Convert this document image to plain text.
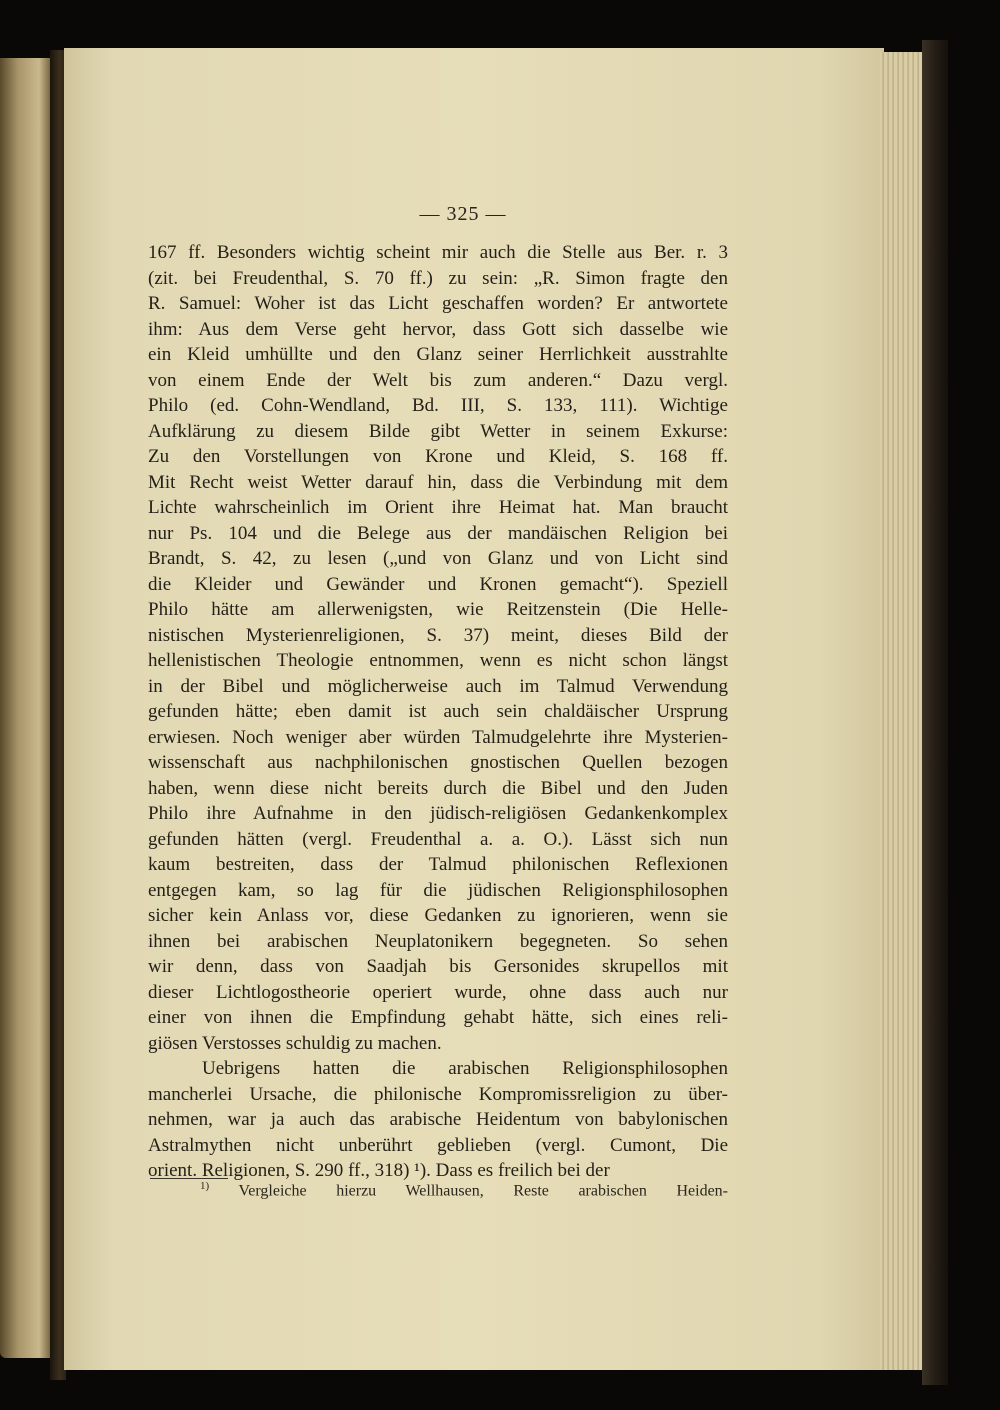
— 325 —
167 ff. Besonders wichtig scheint mir auch die Stelle aus Ber. r. 3
(zit. bei Freudenthal, S. 70 ff.) zu sein: „R. Simon fragte den
R. Samuel: Woher ist das Licht geschaffen worden? Er antwortete
ihm: Aus dem Verse geht hervor, dass Gott sich dasselbe wie
ein Kleid umhüllte und den Glanz seiner Herrlichkeit ausstrahlte
von einem Ende der Welt bis zum anderen.“ Dazu vergl.
Philo (ed. Cohn-Wendland, Bd. III, S. 133, 111). Wichtige
Aufklärung zu diesem Bilde gibt Wetter in seinem Exkurse:
Zu den Vorstellungen von Krone und Kleid, S. 168 ff.
Mit Recht weist Wetter darauf hin, dass die Verbindung mit dem
Lichte wahrscheinlich im Orient ihre Heimat hat. Man braucht
nur Ps. 104 und die Belege aus der mandäischen Religion bei
Brandt, S. 42, zu lesen („und von Glanz und von Licht sind
die Kleider und Gewänder und Kronen gemacht“). Speziell
Philo hätte am allerwenigsten, wie Reitzenstein (Die Helle-
nistischen Mysterienreligionen, S. 37) meint, dieses Bild der
hellenistischen Theologie entnommen, wenn es nicht schon längst
in der Bibel und möglicherweise auch im Talmud Verwendung
gefunden hätte; eben damit ist auch sein chaldäischer Ursprung
erwiesen. Noch weniger aber würden Talmudgelehrte ihre Mysterien-
wissenschaft aus nachphilonischen gnostischen Quellen bezogen
haben, wenn diese nicht bereits durch die Bibel und den Juden
Philo ihre Aufnahme in den jüdisch-religiösen Gedankenkomplex
gefunden hätten (vergl. Freudenthal a. a. O.). Lässt sich nun
kaum bestreiten, dass der Talmud philonischen Reflexionen
entgegen kam, so lag für die jüdischen Religionsphilosophen
sicher kein Anlass vor, diese Gedanken zu ignorieren, wenn sie
ihnen bei arabischen Neuplatonikern begegneten. So sehen
wir denn, dass von Saadjah bis Gersonides skrupellos mit
dieser Lichtlogostheorie operiert wurde, ohne dass auch nur
einer von ihnen die Empfindung gehabt hätte, sich eines reli-
giösen Verstosses schuldig zu machen.
Uebrigens hatten die arabischen Religionsphilosophen
mancherlei Ursache, die philonische Kompromissreligion zu über-
nehmen, war ja auch das arabische Heidentum von babylonischen
Astralmythen nicht unberührt geblieben (vergl. Cumont, Die
orient. Religionen, S. 290 ff., 318) ¹). Dass es freilich bei der
$^{1)}$ Vergleiche hierzu Wellhausen, Reste arabischen Heiden-
